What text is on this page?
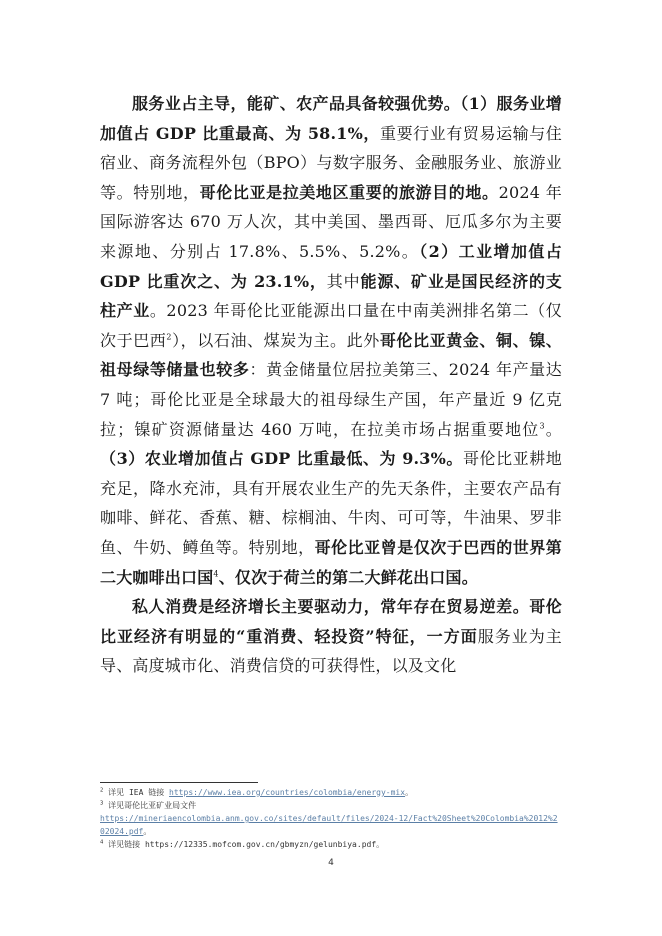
服务业占主导，能矿、农产品具备较强优势。（1）服务业增加值占 GDP 比重最高、为 58.1%，重要行业有贸易运输与住宿业、商务流程外包（BPO）与数字服务、金融服务业、旅游业等。特别地，哥伦比亚是拉美地区重要的旅游目的地。2024 年国际游客达 670 万人次，其中美国、墨西哥、厄瓜多尔为主要来源地、分别占 17.8%、5.5%、5.2%。（2）工业增加值占 GDP 比重次之、为 23.1%，其中能源、矿业是国民经济的支柱产业。2023 年哥伦比亚能源出口量在中南美洲排名第二（仅次于巴西$^2$），以石油、煤炭为主。此外哥伦比亚黄金、铜、镍、祖母绿等储量也较多：黄金储量位居拉美第三、2024 年产量达 7 吨；哥伦比亚是全球最大的祖母绿生产国，年产量近 9 亿克拉；镍矿资源储量达 460 万吨，在拉美市场占据重要地位$^3$。（3）农业增加值占 GDP 比重最低、为 9.3%。哥伦比亚耕地充足，降水充沛，具有开展农业生产的先天条件，主要农产品有咖啡、鲜花、香蕉、糖、棕榈油、牛肉、可可等，牛油果、罗非鱼、牛奶、鳟鱼等。特别地，哥伦比亚曾是仅次于巴西的世界第二大咖啡出口国$^4$、仅次于荷兰的第二大鲜花出口国。

私人消费是经济增长主要驱动力，常年存在贸易逆差。哥伦比亚经济有明显的“重消费、轻投资”特征，一方面服务业为主导、高度城市化、消费信贷的可获得性，以及文化

$^2$ 详见 IEA 链接 https://www.iea.org/countries/colombia/energy-mix。
$^3$ 详见哥伦比亚矿业局文件
https://mineriaencolombia.anm.gov.co/sites/default/files/2024-12/Fact%20Sheet%20Colombia%2012%202024.pdf。
$^4$ 详见链接 https://12335.mofcom.gov.cn/gbmyzn/gelunbiya.pdf。
4
